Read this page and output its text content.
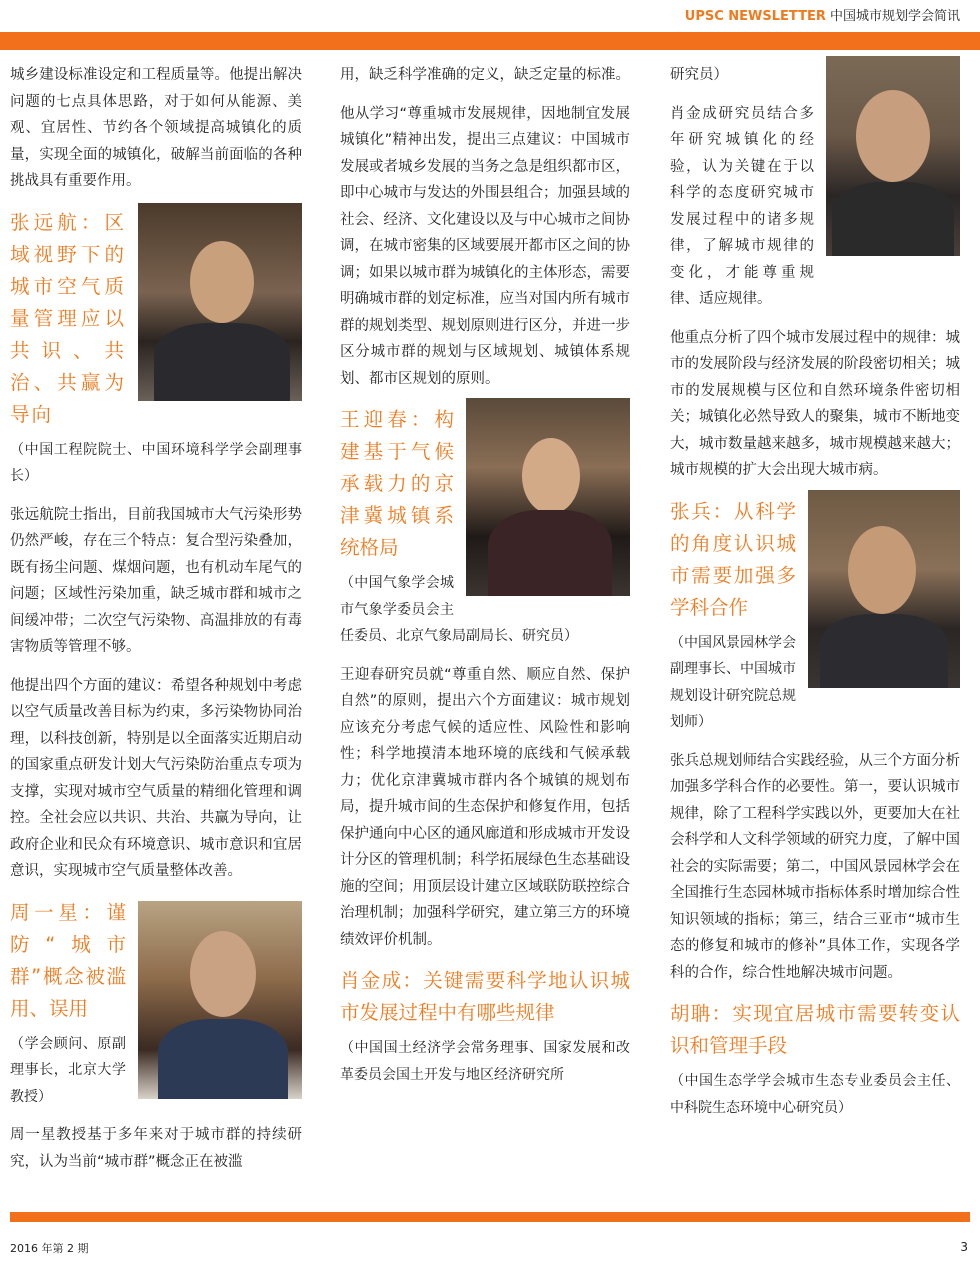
UPSC NEWSLETTER 中国城市规划学会简讯

城乡建设标准设定和工程质量等。他提出解决问题的七点具体思路，对于如何从能源、美观、宜居性、节约各个领域提高城镇化的质量，实现全面的城镇化，破解当前面临的各种挑战具有重要作用。

张远航：区域视野下的城市空气质量管理应以共识、共治、共赢为导向

（中国工程院院士、中国环境科学学会副理事长）

张远航院士指出，目前我国城市大气污染形势仍然严峻，存在三个特点：复合型污染叠加，既有扬尘问题、煤烟问题，也有机动车尾气的问题；区域性污染加重，缺乏城市群和城市之间缓冲带；二次空气污染物、高温排放的有毒害物质等管理不够。

他提出四个方面的建议：希望各种规划中考虑以空气质量改善目标为约束，多污染物协同治理，以科技创新，特别是以全面落实近期启动的国家重点研发计划大气污染防治重点专项为支撑，实现对城市空气质量的精细化管理和调控。全社会应以共识、共治、共赢为导向，让政府企业和民众有环境意识、城市意识和宜居意识，实现城市空气质量整体改善。

周一星：谨防“城市群”概念被滥用、误用

（学会顾问、原副理事长，北京大学教授）

周一星教授基于多年来对于城市群的持续研究，认为当前“城市群”概念正在被滥

用，缺乏科学准确的定义，缺乏定量的标准。

他从学习“尊重城市发展规律，因地制宜发展城镇化”精神出发，提出三点建议：中国城市发展或者城乡发展的当务之急是组织都市区，即中心城市与发达的外围县组合；加强县域的社会、经济、文化建设以及与中心城市之间协调，在城市密集的区域要展开都市区之间的协调；如果以城市群为城镇化的主体形态，需要明确城市群的划定标准，应当对国内所有城市群的规划类型、规划原则进行区分，并进一步区分城市群的规划与区域规划、城镇体系规划、都市区规划的原则。

王迎春：构建基于气候承载力的京津冀城镇系统格局

（中国气象学会城市气象学委员会主任委员、北京气象局副局长、研究员）

王迎春研究员就“尊重自然、顺应自然、保护自然”的原则，提出六个方面建议：城市规划应该充分考虑气候的适应性、风险性和影响性；科学地摸清本地环境的底线和气候承载力；优化京津冀城市群内各个城镇的规划布局，提升城市间的生态保护和修复作用，包括保护通向中心区的通风廊道和形成城市开发设计分区的管理机制；科学拓展绿色生态基础设施的空间；用顶层设计建立区域联防联控综合治理机制；加强科学研究，建立第三方的环境绩效评价机制。

肖金成：关键需要科学地认识城市发展过程中有哪些规律

（中国国土经济学会常务理事、国家发展和改革委员会国土开发与地区经济研究所

研究员）

肖金成研究员结合多年研究城镇化的经验，认为关键在于以科学的态度研究城市发展过程中的诸多规律，了解城市规律的变化，才能尊重规律、适应规律。

他重点分析了四个城市发展过程中的规律：城市的发展阶段与经济发展的阶段密切相关；城市的发展规模与区位和自然环境条件密切相关；城镇化必然导致人的聚集，城市不断地变大，城市数量越来越多，城市规模越来越大；城市规模的扩大会出现大城市病。

张兵：从科学的角度认识城市需要加强多学科合作

（中国风景园林学会副理事长、中国城市规划设计研究院总规划师）

张兵总规划师结合实践经验，从三个方面分析加强多学科合作的必要性。第一，要认识城市规律，除了工程科学实践以外，更要加大在社会科学和人文科学领域的研究力度，了解中国社会的实际需要；第二，中国风景园林学会在全国推行生态园林城市指标体系时增加综合性知识领域的指标；第三，结合三亚市“城市生态的修复和城市的修补”具体工作，实现各学科的合作，综合性地解决城市问题。

胡聃：实现宜居城市需要转变认识和管理手段

（中国生态学学会城市生态专业委员会主任、中科院生态环境中心研究员）

2016 年第 2 期	3
